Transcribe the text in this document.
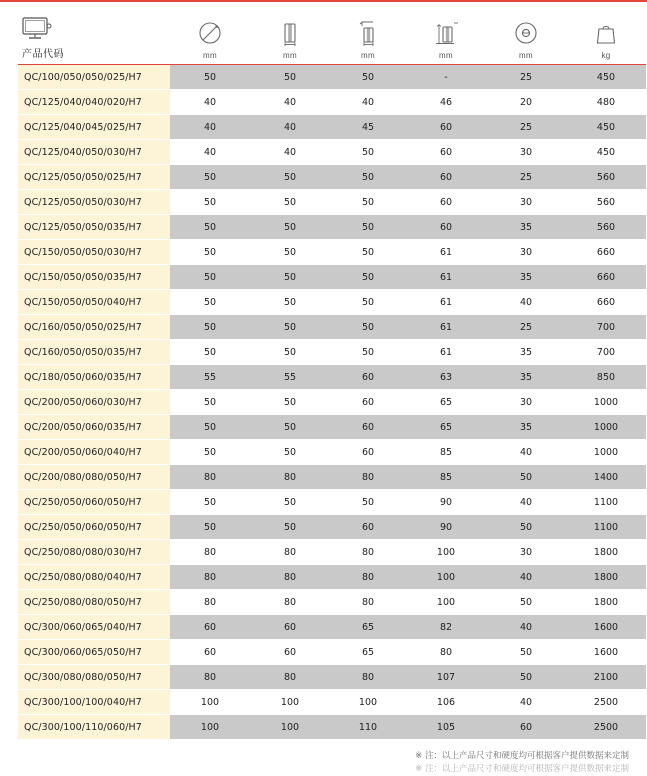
产品代码	mm	mm	mm	mm	mm	kg

QC/100/050/050/025/H7	50	50	50	-	25	450
QC/125/040/040/020/H7	40	40	40	46	20	480
QC/125/040/045/025/H7	40	40	45	60	25	450
QC/125/040/050/030/H7	40	40	50	60	30	450
QC/125/050/050/025/H7	50	50	50	60	25	560
QC/125/050/050/030/H7	50	50	50	60	30	560
QC/125/050/050/035/H7	50	50	50	60	35	560
QC/150/050/050/030/H7	50	50	50	61	30	660
QC/150/050/050/035/H7	50	50	50	61	35	660
QC/150/050/050/040/H7	50	50	50	61	40	660
QC/160/050/050/025/H7	50	50	50	61	25	700
QC/160/050/050/035/H7	50	50	50	61	35	700
QC/180/050/060/035/H7	55	55	60	63	35	850
QC/200/050/060/030/H7	50	50	60	65	30	1000
QC/200/050/060/035/H7	50	50	60	65	35	1000
QC/200/050/060/040/H7	50	50	60	85	40	1000
QC/200/080/080/050/H7	80	80	80	85	50	1400
QC/250/050/060/050/H7	50	50	50	90	40	1100
QC/250/050/060/050/H7	50	50	60	90	50	1100
QC/250/080/080/030/H7	80	80	80	100	30	1800
QC/250/080/080/040/H7	80	80	80	100	40	1800
QC/250/080/080/050/H7	80	80	80	100	50	1800
QC/300/060/065/040/H7	60	60	65	82	40	1600
QC/300/060/065/050/H7	60	60	65	80	50	1600
QC/300/080/080/050/H7	80	80	80	107	50	2100
QC/300/100/100/040/H7	100	100	100	106	40	2500
QC/300/100/110/060/H7	100	100	110	105	60	2500
※ 注：以上产品尺寸和硬度均可根据客户提供数据来定制
※ 注：以上产品尺寸和硬度均可根据客户提供数据来定制
